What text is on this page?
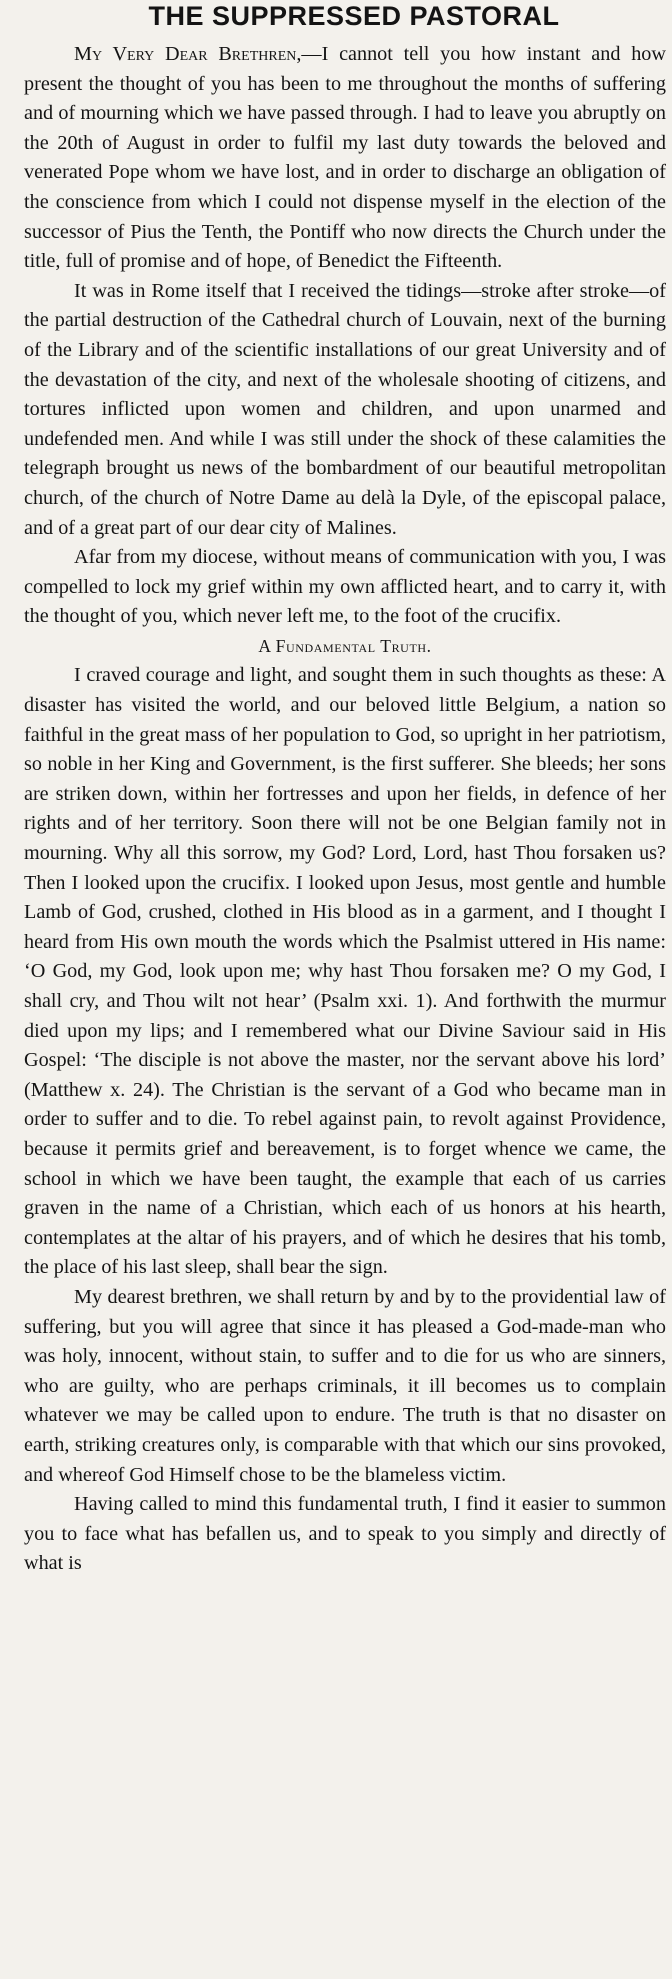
THE SUPPRESSED PASTORAL

My Very Dear Brethren,—I cannot tell you how instant and how present the thought of you has been to me throughout the months of suffering and of mourning which we have passed through. I had to leave you abruptly on the 20th of August in order to fulfil my last duty towards the beloved and venerated Pope whom we have lost, and in order to discharge an obligation of the conscience from which I could not dispense myself in the election of the successor of Pius the Tenth, the Pontiff who now directs the Church under the title, full of promise and of hope, of Benedict the Fifteenth.

It was in Rome itself that I received the tidings—stroke after stroke—of the partial destruction of the Cathedral church of Louvain, next of the burning of the Library and of the scientific installations of our great University and of the devastation of the city, and next of the wholesale shooting of citizens, and tortures inflicted upon women and children, and upon unarmed and undefended men. And while I was still under the shock of these calamities the telegraph brought us news of the bombardment of our beautiful metropolitan church, of the church of Notre Dame au delà la Dyle, of the episcopal palace, and of a great part of our dear city of Malines.

Afar from my diocese, without means of communication with you, I was compelled to lock my grief within my own afflicted heart, and to carry it, with the thought of you, which never left me, to the foot of the crucifix.

A Fundamental Truth.

I craved courage and light, and sought them in such thoughts as these: A disaster has visited the world, and our beloved little Belgium, a nation so faithful in the great mass of her population to God, so upright in her patriotism, so noble in her King and Government, is the first sufferer. She bleeds; her sons are striken down, within her fortresses and upon her fields, in defence of her rights and of her territory. Soon there will not be one Belgian family not in mourning. Why all this sorrow, my God? Lord, Lord, hast Thou forsaken us? Then I looked upon the crucifix. I looked upon Jesus, most gentle and humble Lamb of God, crushed, clothed in His blood as in a garment, and I thought I heard from His own mouth the words which the Psalmist uttered in His name: ‘O God, my God, look upon me; why hast Thou forsaken me? O my God, I shall cry, and Thou wilt not hear’ (Psalm xxi. 1). And forthwith the murmur died upon my lips; and I remembered what our Divine Saviour said in His Gospel: ‘The disciple is not above the master, nor the servant above his lord’ (Matthew x. 24). The Christian is the servant of a God who became man in order to suffer and to die. To rebel against pain, to revolt against Providence, because it permits grief and bereavement, is to forget whence we came, the school in which we have been taught, the example that each of us carries graven in the name of a Christian, which each of us honors at his hearth, contemplates at the altar of his prayers, and of which he desires that his tomb, the place of his last sleep, shall bear the sign.

My dearest brethren, we shall return by and by to the providential law of suffering, but you will agree that since it has pleased a God-made-man who was holy, innocent, without stain, to suffer and to die for us who are sinners, who are guilty, who are perhaps criminals, it ill becomes us to complain whatever we may be called upon to endure. The truth is that no disaster on earth, striking creatures only, is comparable with that which our sins provoked, and whereof God Himself chose to be the blameless victim.

Having called to mind this fundamental truth, I find it easier to summon you to face what has befallen us, and to speak to you simply and directly of what is
